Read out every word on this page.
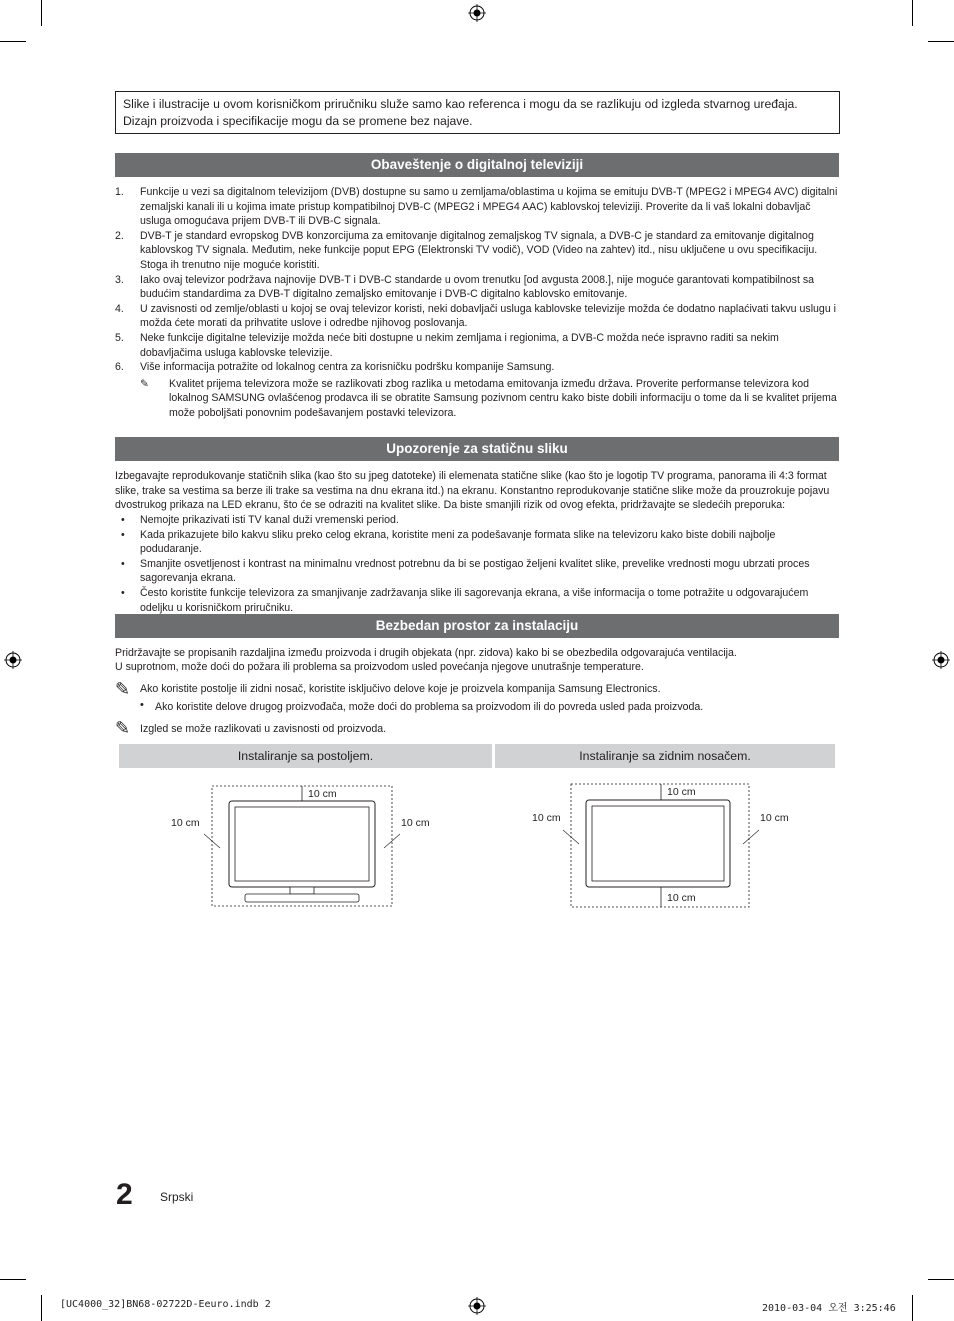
Slike i ilustracije u ovom korisničkom priručniku služe samo kao referenca i mogu da se razlikuju od izgleda stvarnog uređaja. Dizajn proizvoda i specifikacije mogu da se promene bez najave.
Obaveštenje o digitalnoj televiziji
1. Funkcije u vezi sa digitalnom televizijom (DVB) dostupne su samo u zemljama/oblastima u kojima se emituju DVB-T (MPEG2 i MPEG4 AVC) digitalni zemaljski kanali ili u kojima imate pristup kompatibilnoj DVB-C (MPEG2 i MPEG4 AAC) kablovskoj televiziji. Proverite da li vaš lokalni dobavljač usluga omogućava prijem DVB-T ili DVB-C signala.
2. DVB-T je standard evropskog DVB konzorcijuma za emitovanje digitalnog zemaljskog TV signala, a DVB-C je standard za emitovanje digitalnog kablovskog TV signala. Međutim, neke funkcije poput EPG (Elektronski TV vodič), VOD (Video na zahtev) itd., nisu uključene u ovu specifikaciju. Stoga ih trenutno nije moguće koristiti.
3. Iako ovaj televizor podržava najnovije DVB-T i DVB-C standarde u ovom trenutku [od avgusta 2008.], nije moguće garantovati kompatibilnost sa budućim standardima za DVB-T digitalno zemaljsko emitovanje i DVB-C digitalno kablovsko emitovanje.
4. U zavisnosti od zemlje/oblasti u kojoj se ovaj televizor koristi, neki dobavljači usluga kablovske televizije možda će dodatno naplaćivati takvu uslugu i možda ćete morati da prihvatite uslove i odredbe njihovog poslovanja.
5. Neke funkcije digitalne televizije možda neće biti dostupne u nekim zemljama i regionima, a DVB-C možda neće ispravno raditi sa nekim dobavljačima usluga kablovske televizije.
6. Više informacija potražite od lokalnog centra za korisničku podršku kompanije Samsung.
✎ Kvalitet prijema televizora može se razlikovati zbog razlika u metodama emitovanja između država. Proverite performanse televizora kod lokalnog SAMSUNG ovlašćenog prodavca ili se obratite Samsung pozivnom centru kako biste dobili informaciju o tome da li se kvalitet prijema može poboljšati ponovnim podešavanjem postavki televizora.
Upozorenje za statičnu sliku
Izbegavajte reprodukovanje statičnih slika (kao što su jpeg datoteke) ili elemenata statične slike (kao što je logotip TV programa, panorama ili 4:3 format slike, trake sa vestima sa berze ili trake sa vestima na dnu ekrana itd.) na ekranu. Konstantno reprodukovanje statične slike može da prouzrokuje pojavu dvostrukog prikaza na LED ekranu, što će se odraziti na kvalitet slike. Da biste smanjili rizik od ovog efekta, pridržavajte se sledećih preporuka:
• Nemojte prikazivati isti TV kanal duži vremenski period.
• Kada prikazujete bilo kakvu sliku preko celog ekrana, koristite meni za podešavanje formata slike na televizoru kako biste dobili najbolje podudaranje.
• Smanjite osvetljenost i kontrast na minimalnu vrednost potrebnu da bi se postigao željeni kvalitet slike, prevelike vrednosti mogu ubrzati proces sagorevanja ekrana.
• Često koristite funkcije televizora za smanjivanje zadržavanja slike ili sagorevanja ekrana, a više informacija o tome potražite u odgovarajućem odeljku u korisničkom priručniku.
Bezbedan prostor za instalaciju
Pridržavajte se propisanih razdaljina između proizvoda i drugih objekata (npr. zidova) kako bi se obezbedila odgovarajuća ventilacija.
U suprotnom, može doći do požara ili problema sa proizvodom usled povećanja njegove unutrašnje temperature.
✎ Ako koristite postolje ili zidni nosač, koristite isključivo delove koje je proizvela kompanija Samsung Electronics.
• Ako koristite delove drugog proizvođača, može doći do problema sa proizvodom ili do povreda usled pada proizvoda.
✎ Izgled se može razlikovati u zavisnosti od proizvoda.
Instaliranje sa postoljem.	Instaliranje sa zidnim nosačem.
10 cm
10 cm	10 cm
10 cm
10 cm	10 cm
10 cm
2 Srpski
[UC4000_32]BN68-02722D-Eeuro.indb 2	2010-03-04 오전 3:25:46
